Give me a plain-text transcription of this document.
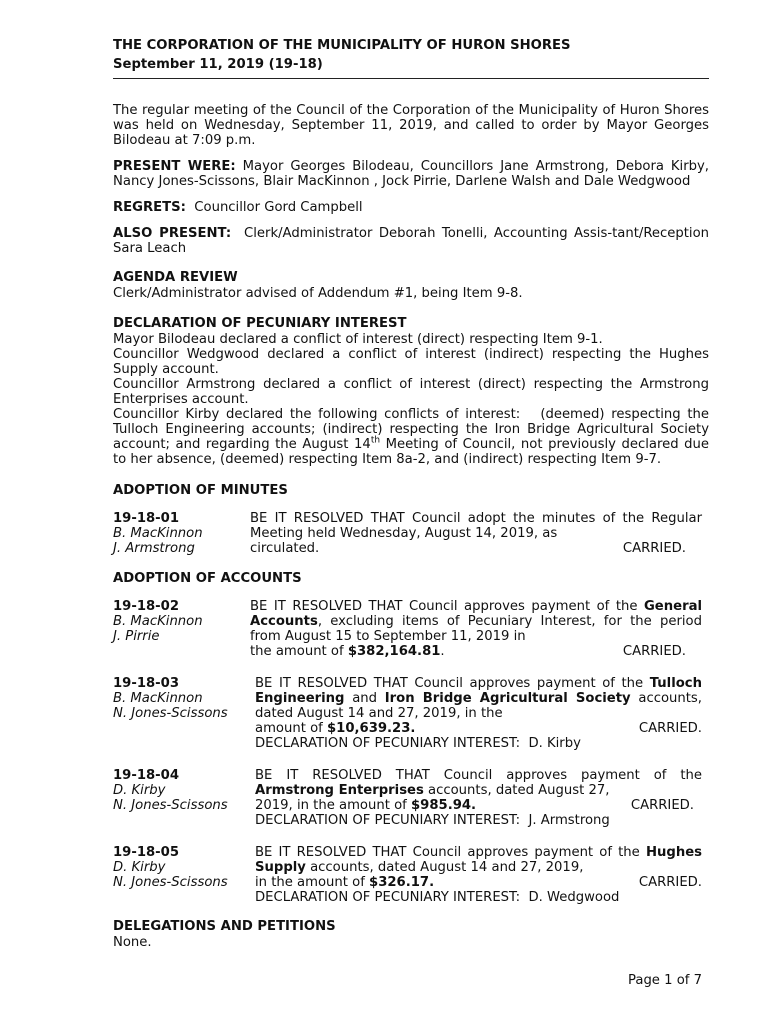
THE CORPORATION OF THE MUNICIPALITY OF HURON SHORES
September 11, 2019 (19-18)

The regular meeting of the Council of the Corporation of the Municipality of Huron Shores was held on Wednesday, September 11, 2019, and called to order by Mayor Georges Bilodeau at 7:09 p.m.

PRESENT WERE: Mayor Georges Bilodeau, Councillors Jane Armstrong, Debora Kirby, Nancy Jones-Scissons, Blair MacKinnon , Jock Pirrie, Darlene Walsh and Dale Wedgwood

REGRETS:  Councillor Gord Campbell

ALSO PRESENT:  Clerk/Administrator Deborah Tonelli, Accounting Assis-tant/Reception Sara Leach

AGENDA REVIEW

Clerk/Administrator advised of Addendum #1, being Item 9-8.

DECLARATION OF PECUNIARY INTEREST

Mayor Bilodeau declared a conflict of interest (direct) respecting Item 9-1.

Councillor Wedgwood declared a conflict of interest (indirect) respecting the Hughes Supply account.

Councillor Armstrong declared a conflict of interest (direct) respecting the Armstrong Enterprises account.

Councillor Kirby declared the following conflicts of interest:   (deemed) respecting the Tulloch Engineering accounts; (indirect) respecting the Iron Bridge Agricultural Society account; and regarding the August 14th Meeting of Council, not previously declared due to her absence, (deemed) respecting Item 8a-2, and (indirect) respecting Item 9-7.

ADOPTION OF MINUTES
19-18-01
B. MacKinnon
J. Armstrong
BE IT RESOLVED THAT Council adopt the minutes of the Regular Meeting held Wednesday, August 14, 2019, as
circulated.	CARRIED.
ADOPTION OF ACCOUNTS
19-18-02
B. MacKinnon
J. Pirrie
BE IT RESOLVED THAT Council approves payment of the General Accounts, excluding items of Pecuniary Interest, for the period from August 15 to September 11, 2019 in
the amount of $382,164.81.	CARRIED.
19-18-03
B. MacKinnon
N. Jones-Scissons
BE IT RESOLVED THAT Council approves payment of the Tulloch Engineering and Iron Bridge Agricultural Society accounts, dated August 14 and 27, 2019, in the
amount of $10,639.23.	CARRIED.
DECLARATION OF PECUNIARY INTEREST:  D. Kirby
19-18-04
D. Kirby
N. Jones-Scissons
BE IT RESOLVED THAT Council approves payment of the Armstrong Enterprises accounts, dated August 27,
2019, in the amount of $985.94.	CARRIED.
DECLARATION OF PECUNIARY INTEREST:  J. Armstrong
19-18-05
D. Kirby
N. Jones-Scissons
BE IT RESOLVED THAT Council approves payment of the Hughes Supply accounts, dated August 14 and 27, 2019,
in the amount of $326.17.	CARRIED.
DECLARATION OF PECUNIARY INTEREST:  D. Wedgwood
DELEGATIONS AND PETITIONS

None.

Page 1 of 7
